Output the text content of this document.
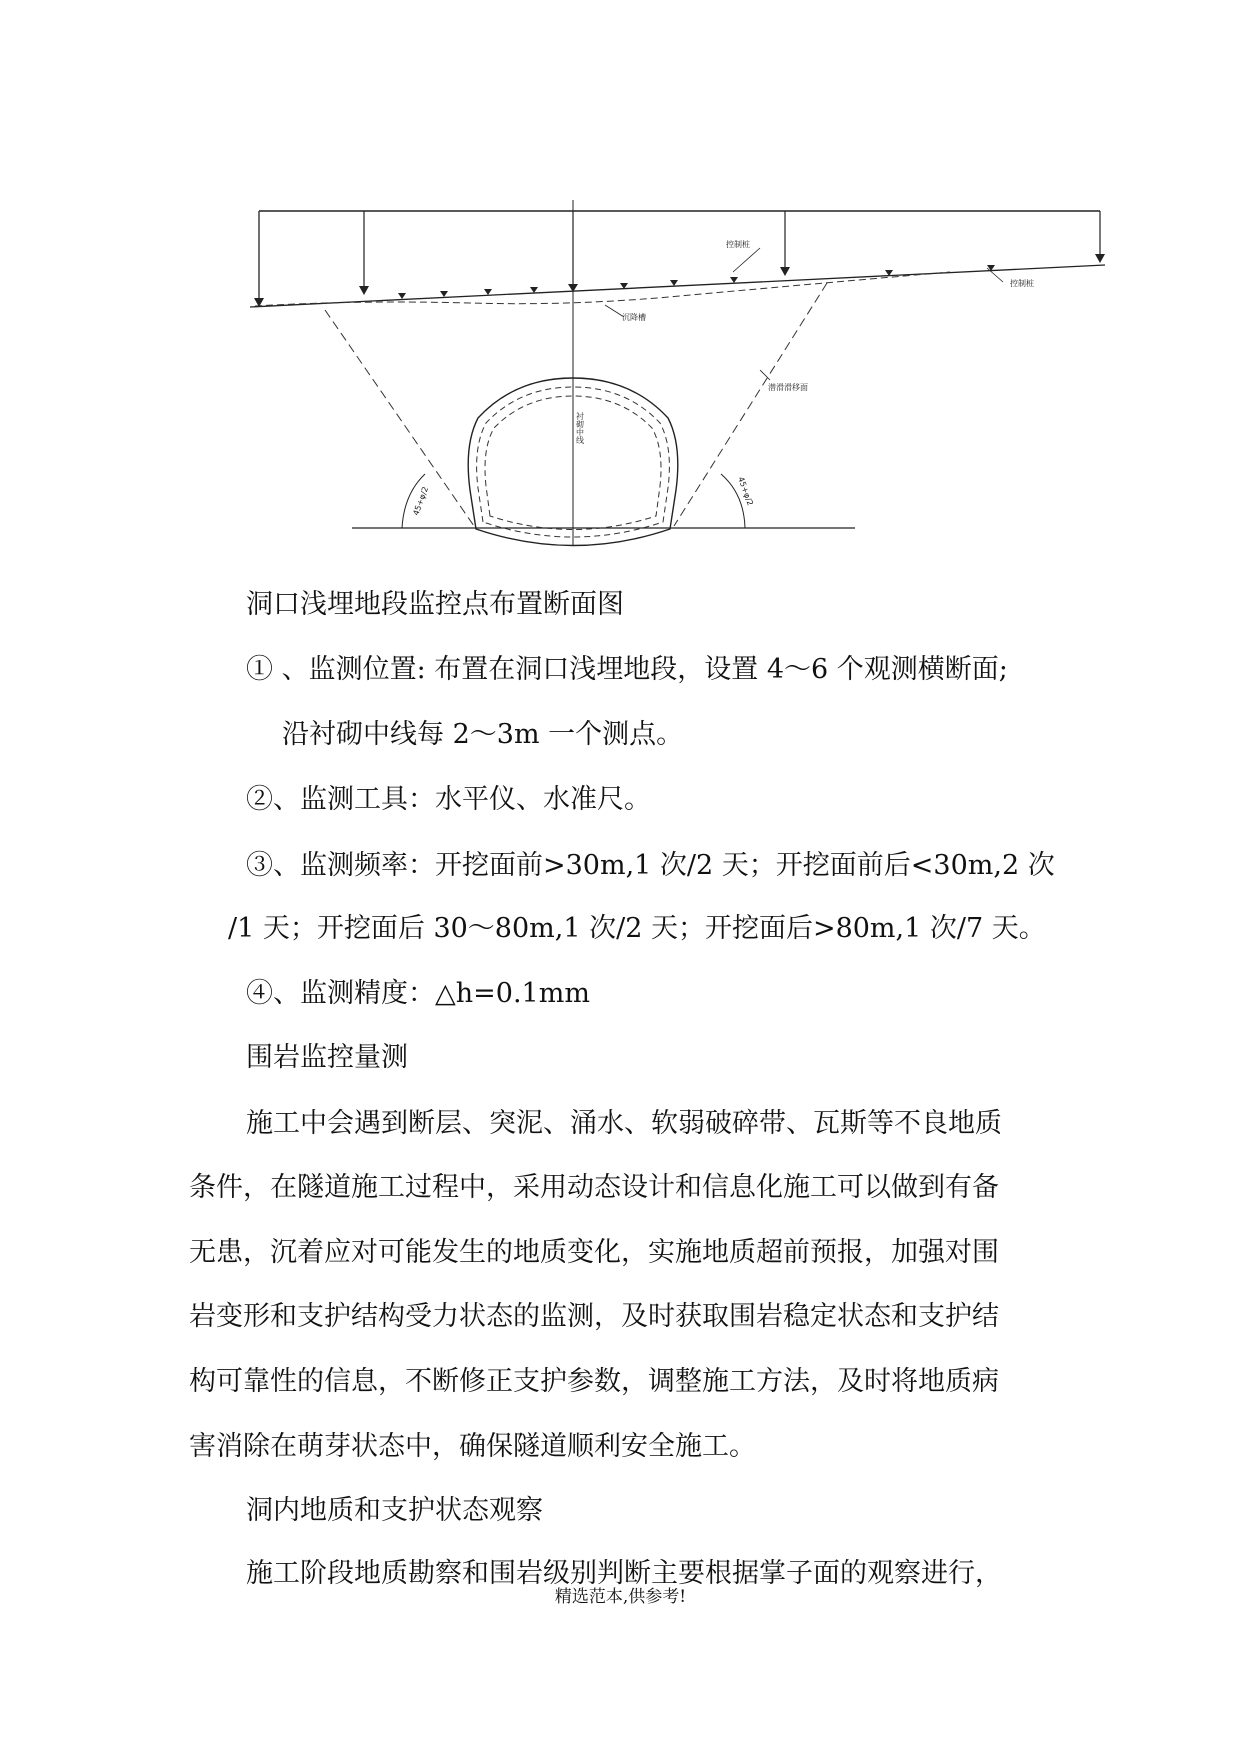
控制桩
控制桩
沉降槽
潜滑滑移面
衬砌中线
45+φ/2	45+φ/2
洞口浅埋地段监控点布置断面图
① 、监测位置: 布置在洞口浅埋地段，设置 4～6 个观测横断面;
沿衬砌中线每 2～3m 一个测点。
②、监测工具：水平仪、水准尺。
③、监测频率：开挖面前>30m,1 次/2 天；开挖面前后<30m,2 次
/1 天；开挖面后 30～80m,1 次/2 天；开挖面后>80m,1 次/7 天。
④、监测精度：△h=0.1mm
围岩监控量测
施工中会遇到断层、突泥、涌水、软弱破碎带、瓦斯等不良地质
条件，在隧道施工过程中，采用动态设计和信息化施工可以做到有备
无患，沉着应对可能发生的地质变化，实施地质超前预报，加强对围
岩变形和支护结构受力状态的监测，及时获取围岩稳定状态和支护结
构可靠性的信息，不断修正支护参数，调整施工方法，及时将地质病
害消除在萌芽状态中，确保隧道顺利安全施工。
洞内地质和支护状态观察
施工阶段地质勘察和围岩级别判断主要根据掌子面的观察进行，
精选范本,供参考!
